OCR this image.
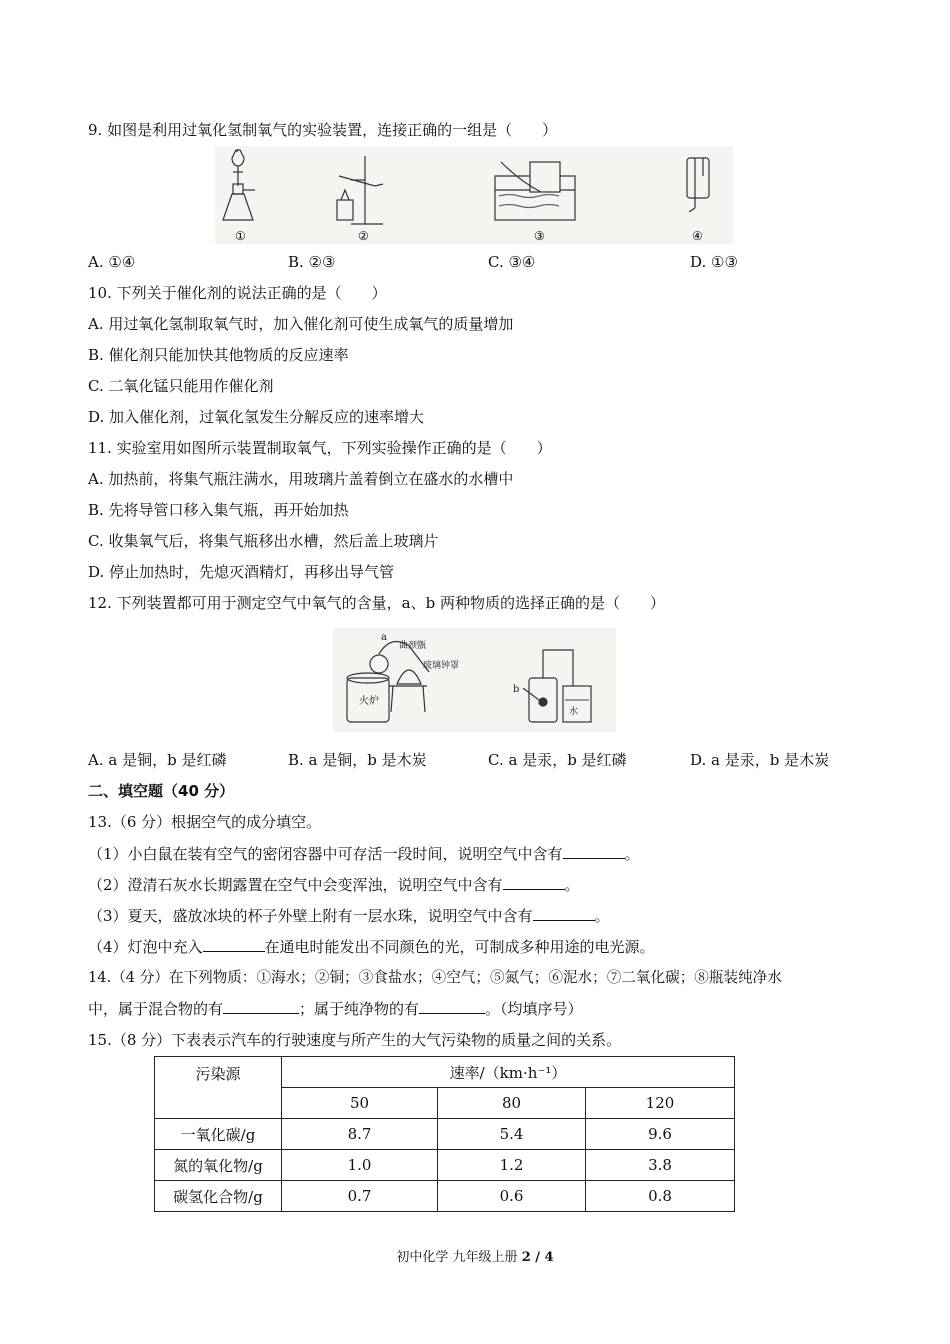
9. 如图是利用过氧化氢制氧气的实验装置，连接正确的一组是（　　）
①	②	③	④
A. ①④	B. ②③	C. ③④	D. ①③
10. 下列关于催化剂的说法正确的是（　　）
A. 用过氧化氢制取氧气时，加入催化剂可使生成氧气的质量增加
B. 催化剂只能加快其他物质的反应速率
C. 二氧化锰只能用作催化剂
D. 加入催化剂，过氧化氢发生分解反应的速率增大
11. 实验室用如图所示装置制取氧气，下列实验操作正确的是（　　）
A. 加热前，将集气瓶注满水，用玻璃片盖着倒立在盛水的水槽中
B. 先将导管口移入集气瓶，再开始加热
C. 收集氧气后，将集气瓶移出水槽，然后盖上玻璃片
D. 停止加热时，先熄灭酒精灯，再移出导气管
12. 下列装置都可用于测定空气中氧气的含量，a、b 两种物质的选择正确的是（　　）
a
曲颈甑
玻璃钟罩
火炉
b
水
A. a 是铜，b 是红磷	B. a 是铜，b 是木炭	C. a 是汞，b 是红磷	D. a 是汞，b 是木炭
二、填空题（40 分）
13.（6 分）根据空气的成分填空。
（1）小白鼠在装有空气的密闭容器中可存活一段时间，说明空气中含有	。
（2）澄清石灰水长期露置在空气中会变浑浊，说明空气中含有	。
（3）夏天，盛放冰块的杯子外壁上附有一层水珠，说明空气中含有	。
（4）灯泡中充入	在通电时能发出不同颜色的光，可制成多种用途的电光源。
14.（4 分）在下列物质：①海水；②铜；③食盐水；④空气；⑤氮气；⑥泥水；⑦二氧化碳；⑧瓶装纯净水
中，属于混合物的有	；属于纯净物的有	。（均填序号）
15.（8 分）下表表示汽车的行驶速度与所产生的大气污染物的质量之间的关系。
污染源	速率/（km·h⁻¹）		
	50	80	120
一氧化碳/g	8.7	5.4	9.6
氮的氧化物/g	1.0	1.2	3.8
碳氢化合物/g	0.7	0.6	0.8
初中化学 九年级上册 2 / 4
